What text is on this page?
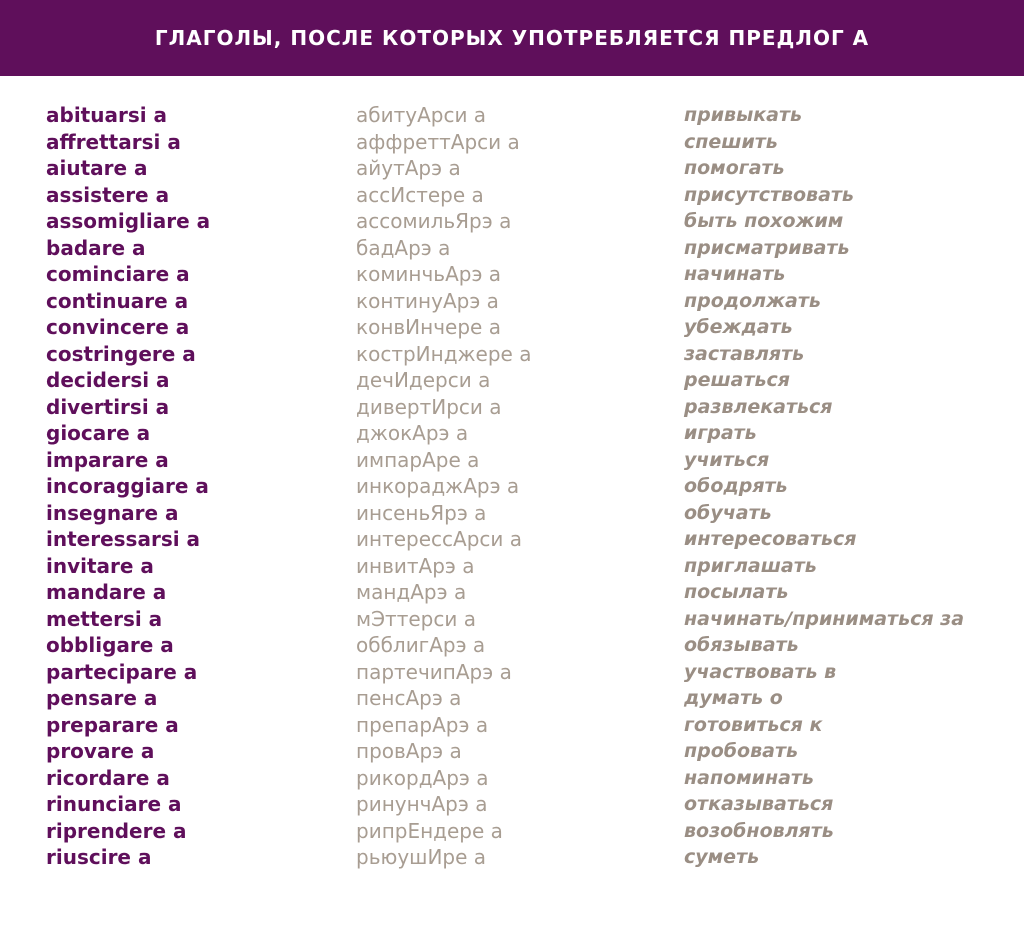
ГЛАГОЛЫ, ПОСЛЕ КОТОРЫХ УПОТРЕБЛЯЕТСЯ ПРЕДЛОГ А
abituarsi a
affrettarsi a
aiutare a
assistere a
assomigliare a
badare a
cominciare a
continuare a
convincere a
costringere a
decidersi a
divertirsi a
giocare a
imparare a
incoraggiare a
insegnare a
interessarsi a
invitare a
mandare a
mettersi a
obbligare a
partecipare a
pensare a
preparare a
provare a
ricordare a
rinunciare a
riprendere a
riuscire a
абитуАрси а
аффреттАрси а
айутАрэ а
ассИстере а
ассомильЯрэ а
бадАрэ а
коминчьАрэ а
континуАрэ а
конвИнчере а
кострИнджере а
дечИдерси а
дивертИрси а
джокАрэ а
импарАре а
инкораджАрэ а
инсеньЯрэ а
интерессАрси а
инвитАрэ а
мандАрэ а
мЭттерси а
обблигАрэ а
партечипАрэ а
пенсАрэ а
препарАрэ а
провАрэ а
рикордАрэ а
ринунчАрэ а
рипрЕндере а
рьюушИре а
привыкать
спешить
помогать
присутствовать
быть похожим
присматривать
начинать
продолжать
убеждать
заставлять
решаться
развлекаться
играть
учиться
ободрять
обучать
интересоваться
приглашать
посылать
начинать/приниматься за
обязывать
участвовать в
думать о
готовиться к
пробовать
напоминать
отказываться
возобновлять
суметь
